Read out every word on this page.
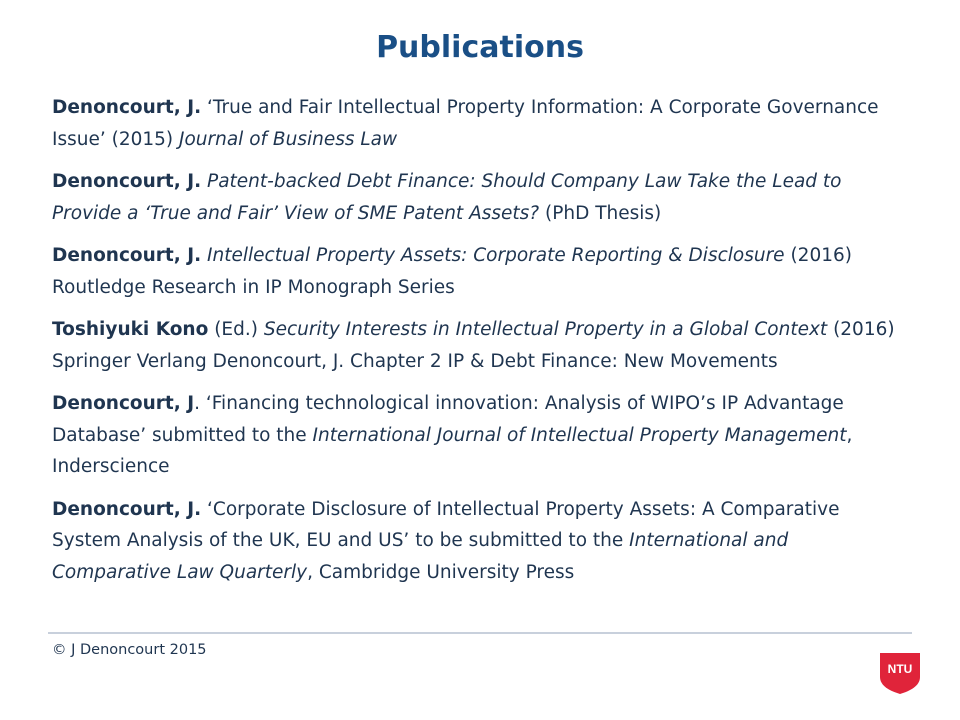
Publications
Denoncourt, J. ‘True and Fair Intellectual Property Information: A Corporate Governance Issue’ (2015) Journal of Business Law
Denoncourt, J. Patent-backed Debt Finance: Should Company Law Take the Lead to Provide a ‘True and Fair’ View of SME Patent Assets? (PhD Thesis)
Denoncourt, J. Intellectual Property Assets: Corporate Reporting & Disclosure (2016) Routledge Research in IP Monograph Series
Toshiyuki Kono (Ed.) Security Interests in Intellectual Property in a Global Context (2016) Springer Verlang Denoncourt, J. Chapter 2 IP & Debt Finance: New Movements
Denoncourt, J. ‘Financing technological innovation: Analysis of WIPO’s IP Advantage Database’ submitted to the International Journal of Intellectual Property Management, Inderscience
Denoncourt, J. ‘Corporate Disclosure of Intellectual Property Assets: A Comparative System Analysis of the UK, EU and US’ to be submitted to the International and Comparative Law Quarterly, Cambridge University Press
© J Denoncourt 2015
NTU
